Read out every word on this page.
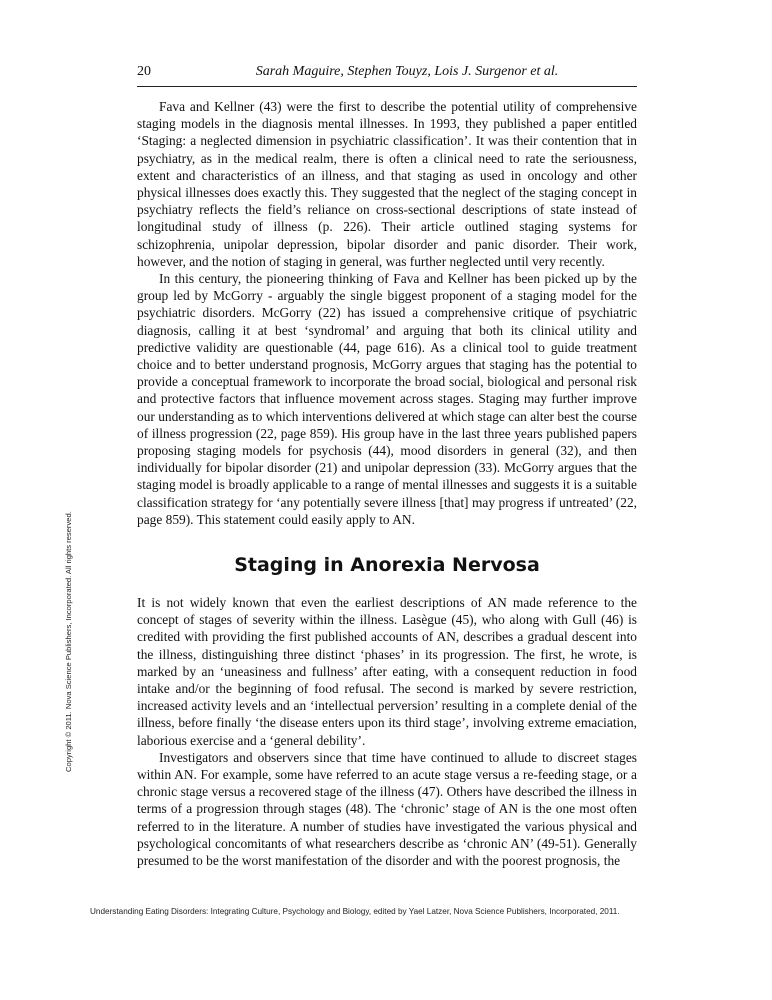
20	Sarah Maguire, Stephen Touyz, Lois J. Surgenor et al.

Fava and Kellner (43) were the first to describe the potential utility of comprehensive staging models in the diagnosis mental illnesses. In 1993, they published a paper entitled ‘Staging: a neglected dimension in psychiatric classification’. It was their contention that in psychiatry, as in the medical realm, there is often a clinical need to rate the seriousness, extent and characteristics of an illness, and that staging as used in oncology and other physical illnesses does exactly this. They suggested that the neglect of the staging concept in psychiatry reflects the field’s reliance on cross-sectional descriptions of state instead of longitudinal study of illness (p. 226). Their article outlined staging systems for schizophrenia, unipolar depression, bipolar disorder and panic disorder. Their work, however, and the notion of staging in general, was further neglected until very recently.

In this century, the pioneering thinking of Fava and Kellner has been picked up by the group led by McGorry - arguably the single biggest proponent of a staging model for the psychiatric disorders. McGorry (22) has issued a comprehensive critique of psychiatric diagnosis, calling it at best ‘syndromal’ and arguing that both its clinical utility and predictive validity are questionable (44, page 616). As a clinical tool to guide treatment choice and to better understand prognosis, McGorry argues that staging has the potential to provide a conceptual framework to incorporate the broad social, biological and personal risk and protective factors that influence movement across stages. Staging may further improve our understanding as to which interventions delivered at which stage can alter best the course of illness progression (22, page 859). His group have in the last three years published papers proposing staging models for psychosis (44), mood disorders in general (32), and then individually for bipolar disorder (21) and unipolar depression (33). McGorry argues that the staging model is broadly applicable to a range of mental illnesses and suggests it is a suitable classification strategy for ‘any potentially severe illness [that] may progress if untreated’ (22, page 859). This statement could easily apply to AN.

Staging in Anorexia Nervosa

It is not widely known that even the earliest descriptions of AN made reference to the concept of stages of severity within the illness. Lasègue (45), who along with Gull (46) is credited with providing the first published accounts of AN, describes a gradual descent into the illness, distinguishing three distinct ‘phases’ in its progression. The first, he wrote, is marked by an ‘uneasiness and fullness’ after eating, with a consequent reduction in food intake and/or the beginning of food refusal. The second is marked by severe restriction, increased activity levels and an ‘intellectual perversion’ resulting in a complete denial of the illness, before finally ‘the disease enters upon its third stage’, involving extreme emaciation, laborious exercise and a ‘general debility’.

Investigators and observers since that time have continued to allude to discreet stages within AN. For example, some have referred to an acute stage versus a re-feeding stage, or a chronic stage versus a recovered stage of the illness (47). Others have described the illness in terms of a progression through stages (48). The ‘chronic’ stage of AN is the one most often referred to in the literature. A number of studies have investigated the various physical and psychological concomitants of what researchers describe as ‘chronic AN’ (49-51). Generally presumed to be the worst manifestation of the disorder and with the poorest prognosis, the

Copyright © 2011. Nova Science Publishers, Incorporated. All rights reserved.
Understanding Eating Disorders: Integrating Culture, Psychology and Biology, edited by Yael Latzer, Nova Science Publishers, Incorporated, 2011.
